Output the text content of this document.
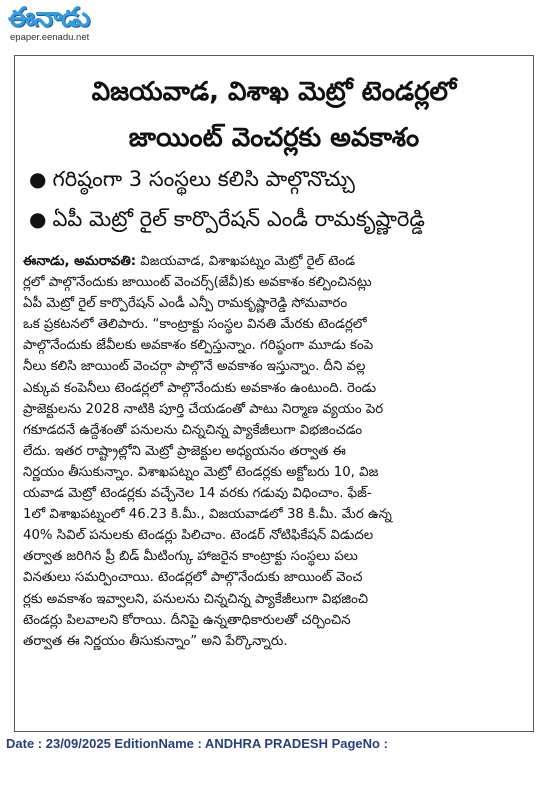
ఈనాడు
epaper.eenadu.net
విజయవాడ, విశాఖ మెట్రో టెండర్లలో
జాయింట్ వెంచర్లకు అవకాశం
● గరిష్ఠంగా 3 సంస్థలు కలిసి పాల్గొనొచ్చు
● ఏపీ మెట్రో రైల్ కార్పొరేషన్ ఎండీ రామకృష్ణారెడ్డి
ఈనాడు, అమరావతి: విజయవాడ, విశాఖపట్నం మెట్రో రైల్ టెండ
ర్లలో పాల్గొనేందుకు జాయింట్ వెంచర్స్(జేవీ)కు అవకాశం కల్పించినట్లు
ఏపీ మెట్రో రైల్ కార్పొరేషన్ ఎండీ ఎన్పీ రామకృష్ణారెడ్డి సోమవారం
ఒక ప్రకటనలో తెలిపారు. “కాంట్రాక్టు సంస్థల వినతి మేరకు టెండర్లలో
పాల్గొనేందుకు జేవీలకు అవకాశం కల్పిస్తున్నాం. గరిష్ఠంగా మూడు కంపె
నీలు కలిసి జాయింట్ వెంచర్గా పాల్గొనే అవకాశం ఇస్తున్నాం. దీని వల్ల
ఎక్కువ కంపెనీలు టెండర్లలో పాల్గొనేందుకు అవకాశం ఉంటుంది. రెండు
ప్రాజెక్టులను 2028 నాటికి పూర్తి చేయడంతో పాటు నిర్మాణ వ్యయం పెర
గకూడదనే ఉద్దేశంతో పనులను చిన్నచిన్న ప్యాకేజీలుగా విభజించడం
లేదు. ఇతర రాష్ట్రాల్లోని మెట్రో ప్రాజెక్టుల అధ్యయనం తర్వాత ఈ
నిర్ణయం తీసుకున్నాం. విశాఖపట్నం మెట్రో టెండర్లకు అక్టోబరు 10, విజ
యవాడ మెట్రో టెండర్లకు వచ్చేనెల 14 వరకు గడువు విధించాం. ఫేజ్-
1లో విశాఖపట్నంలో 46.23 కి.మీ., విజయవాడలో 38 కి.మీ. మేర ఉన్న
40% సివిల్ పనులకు టెండర్లు పిలిచాం. టెండర్ నోటిఫికేషన్ విడుదల
తర్వాత జరిగిన ప్రీ బిడ్ మీటింగ్కు హాజరైన కాంట్రాక్టు సంస్థలు పలు
వినతులు సమర్పించాయి. టెండర్లలో పాల్గొనేందుకు జాయింట్ వెంచ
ర్లకు అవకాశం ఇవ్వాలని, పనులను చిన్నచిన్న ప్యాకేజీలుగా విభజించి
టెండర్లు పిలవాలని కోరాయి. దీనిపై ఉన్నతాధికారులతో చర్చించిన
తర్వాత ఈ నిర్ణయం తీసుకున్నాం” అని పేర్కొన్నారు.
Date : 23/09/2025 EditionName : ANDHRA PRADESH PageNo :
